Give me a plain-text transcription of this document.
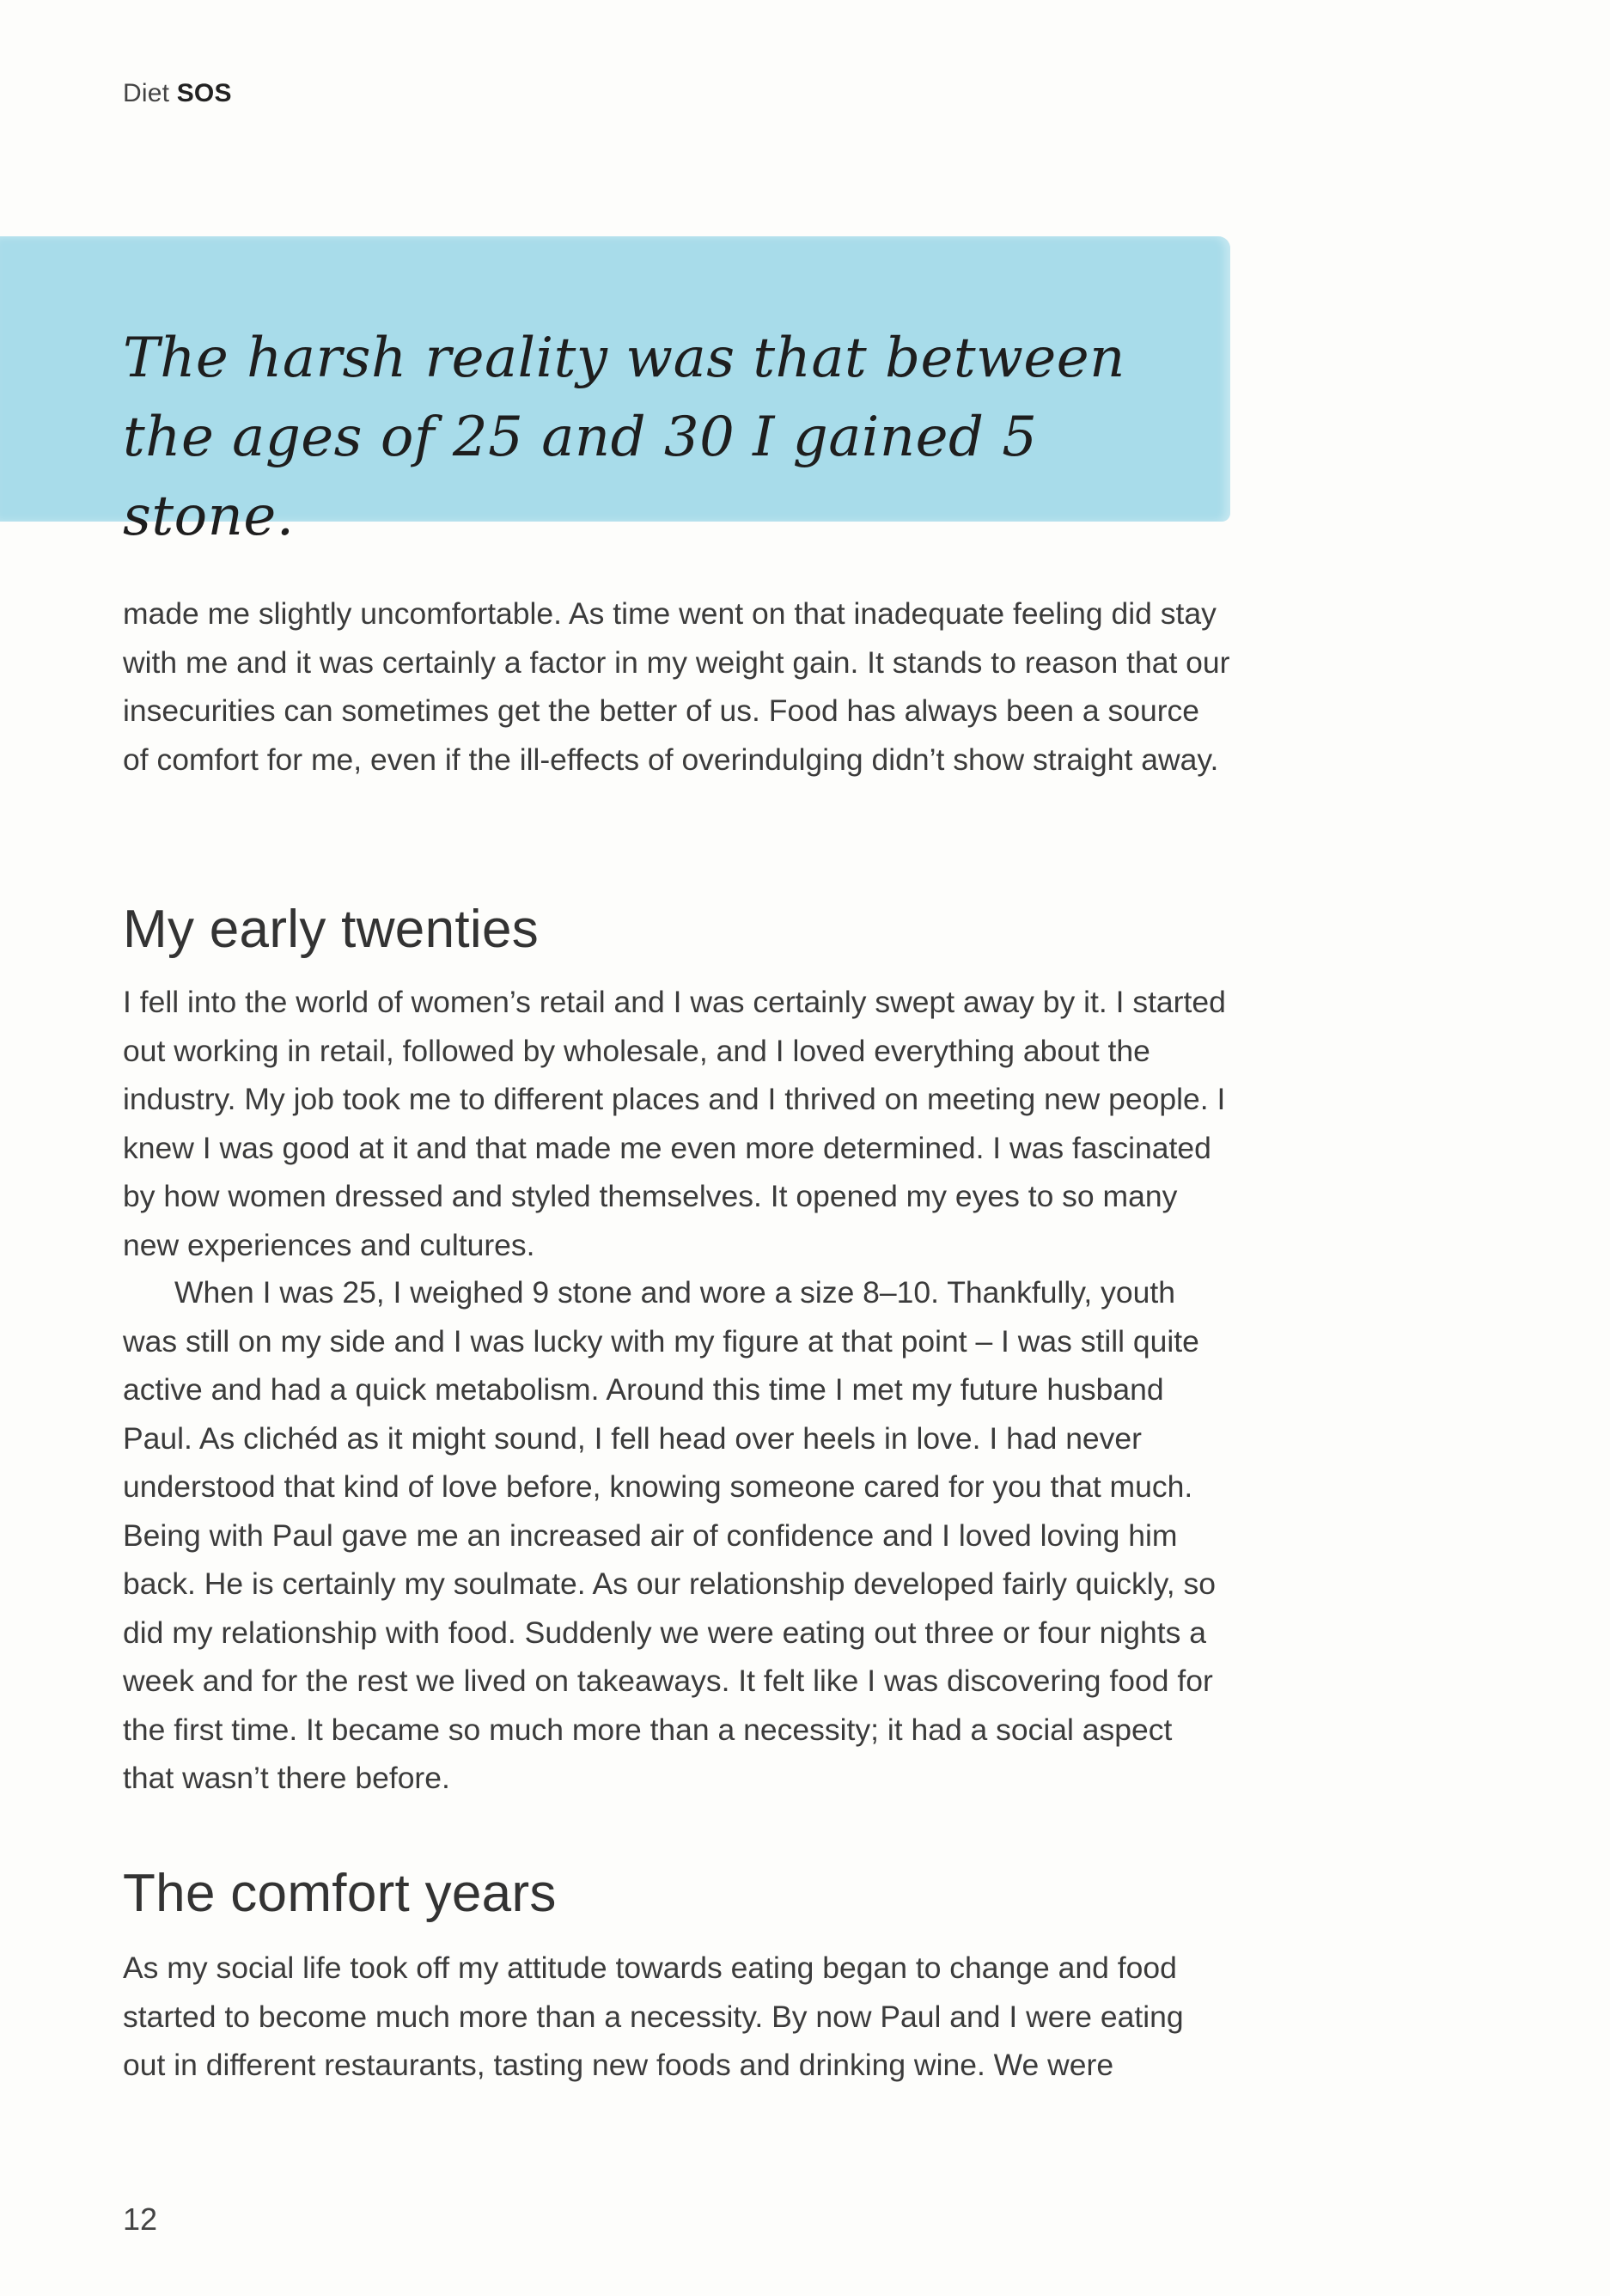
Diet SOS
The harsh reality was that between the ages of 25 and 30 I gained 5 stone.

made me slightly uncomfortable. As time went on that inadequate feeling did stay with me and it was certainly a factor in my weight gain. It stands to reason that our insecurities can sometimes get the better of us. Food has always been a source of comfort for me, even if the ill-effects of overindulging didn’t show straight away.

My early twenties

I fell into the world of women’s retail and I was certainly swept away by it. I started out working in retail, followed by wholesale, and I loved everything about the industry. My job took me to different places and I thrived on meeting new people. I knew I was good at it and that made me even more determined. I was fascinated by how women dressed and styled themselves. It opened my eyes to so many new experiences and cultures.

When I was 25, I weighed 9 stone and wore a size 8–10. Thankfully, youth was still on my side and I was lucky with my figure at that point – I was still quite active and had a quick metabolism. Around this time I met my future husband Paul. As clichéd as it might sound, I fell head over heels in love. I had never understood that kind of love before, knowing someone cared for you that much. Being with Paul gave me an increased air of confidence and I loved loving him back. He is certainly my soulmate. As our relationship developed fairly quickly, so did my relationship with food. Suddenly we were eating out three or four nights a week and for the rest we lived on takeaways. It felt like I was discovering food for the first time. It became so much more than a necessity; it had a social aspect that wasn’t there before.

The comfort years

As my social life took off my attitude towards eating began to change and food started to become much more than a necessity. By now Paul and I were eating out in different restaurants, tasting new foods and drinking wine. We were

12
